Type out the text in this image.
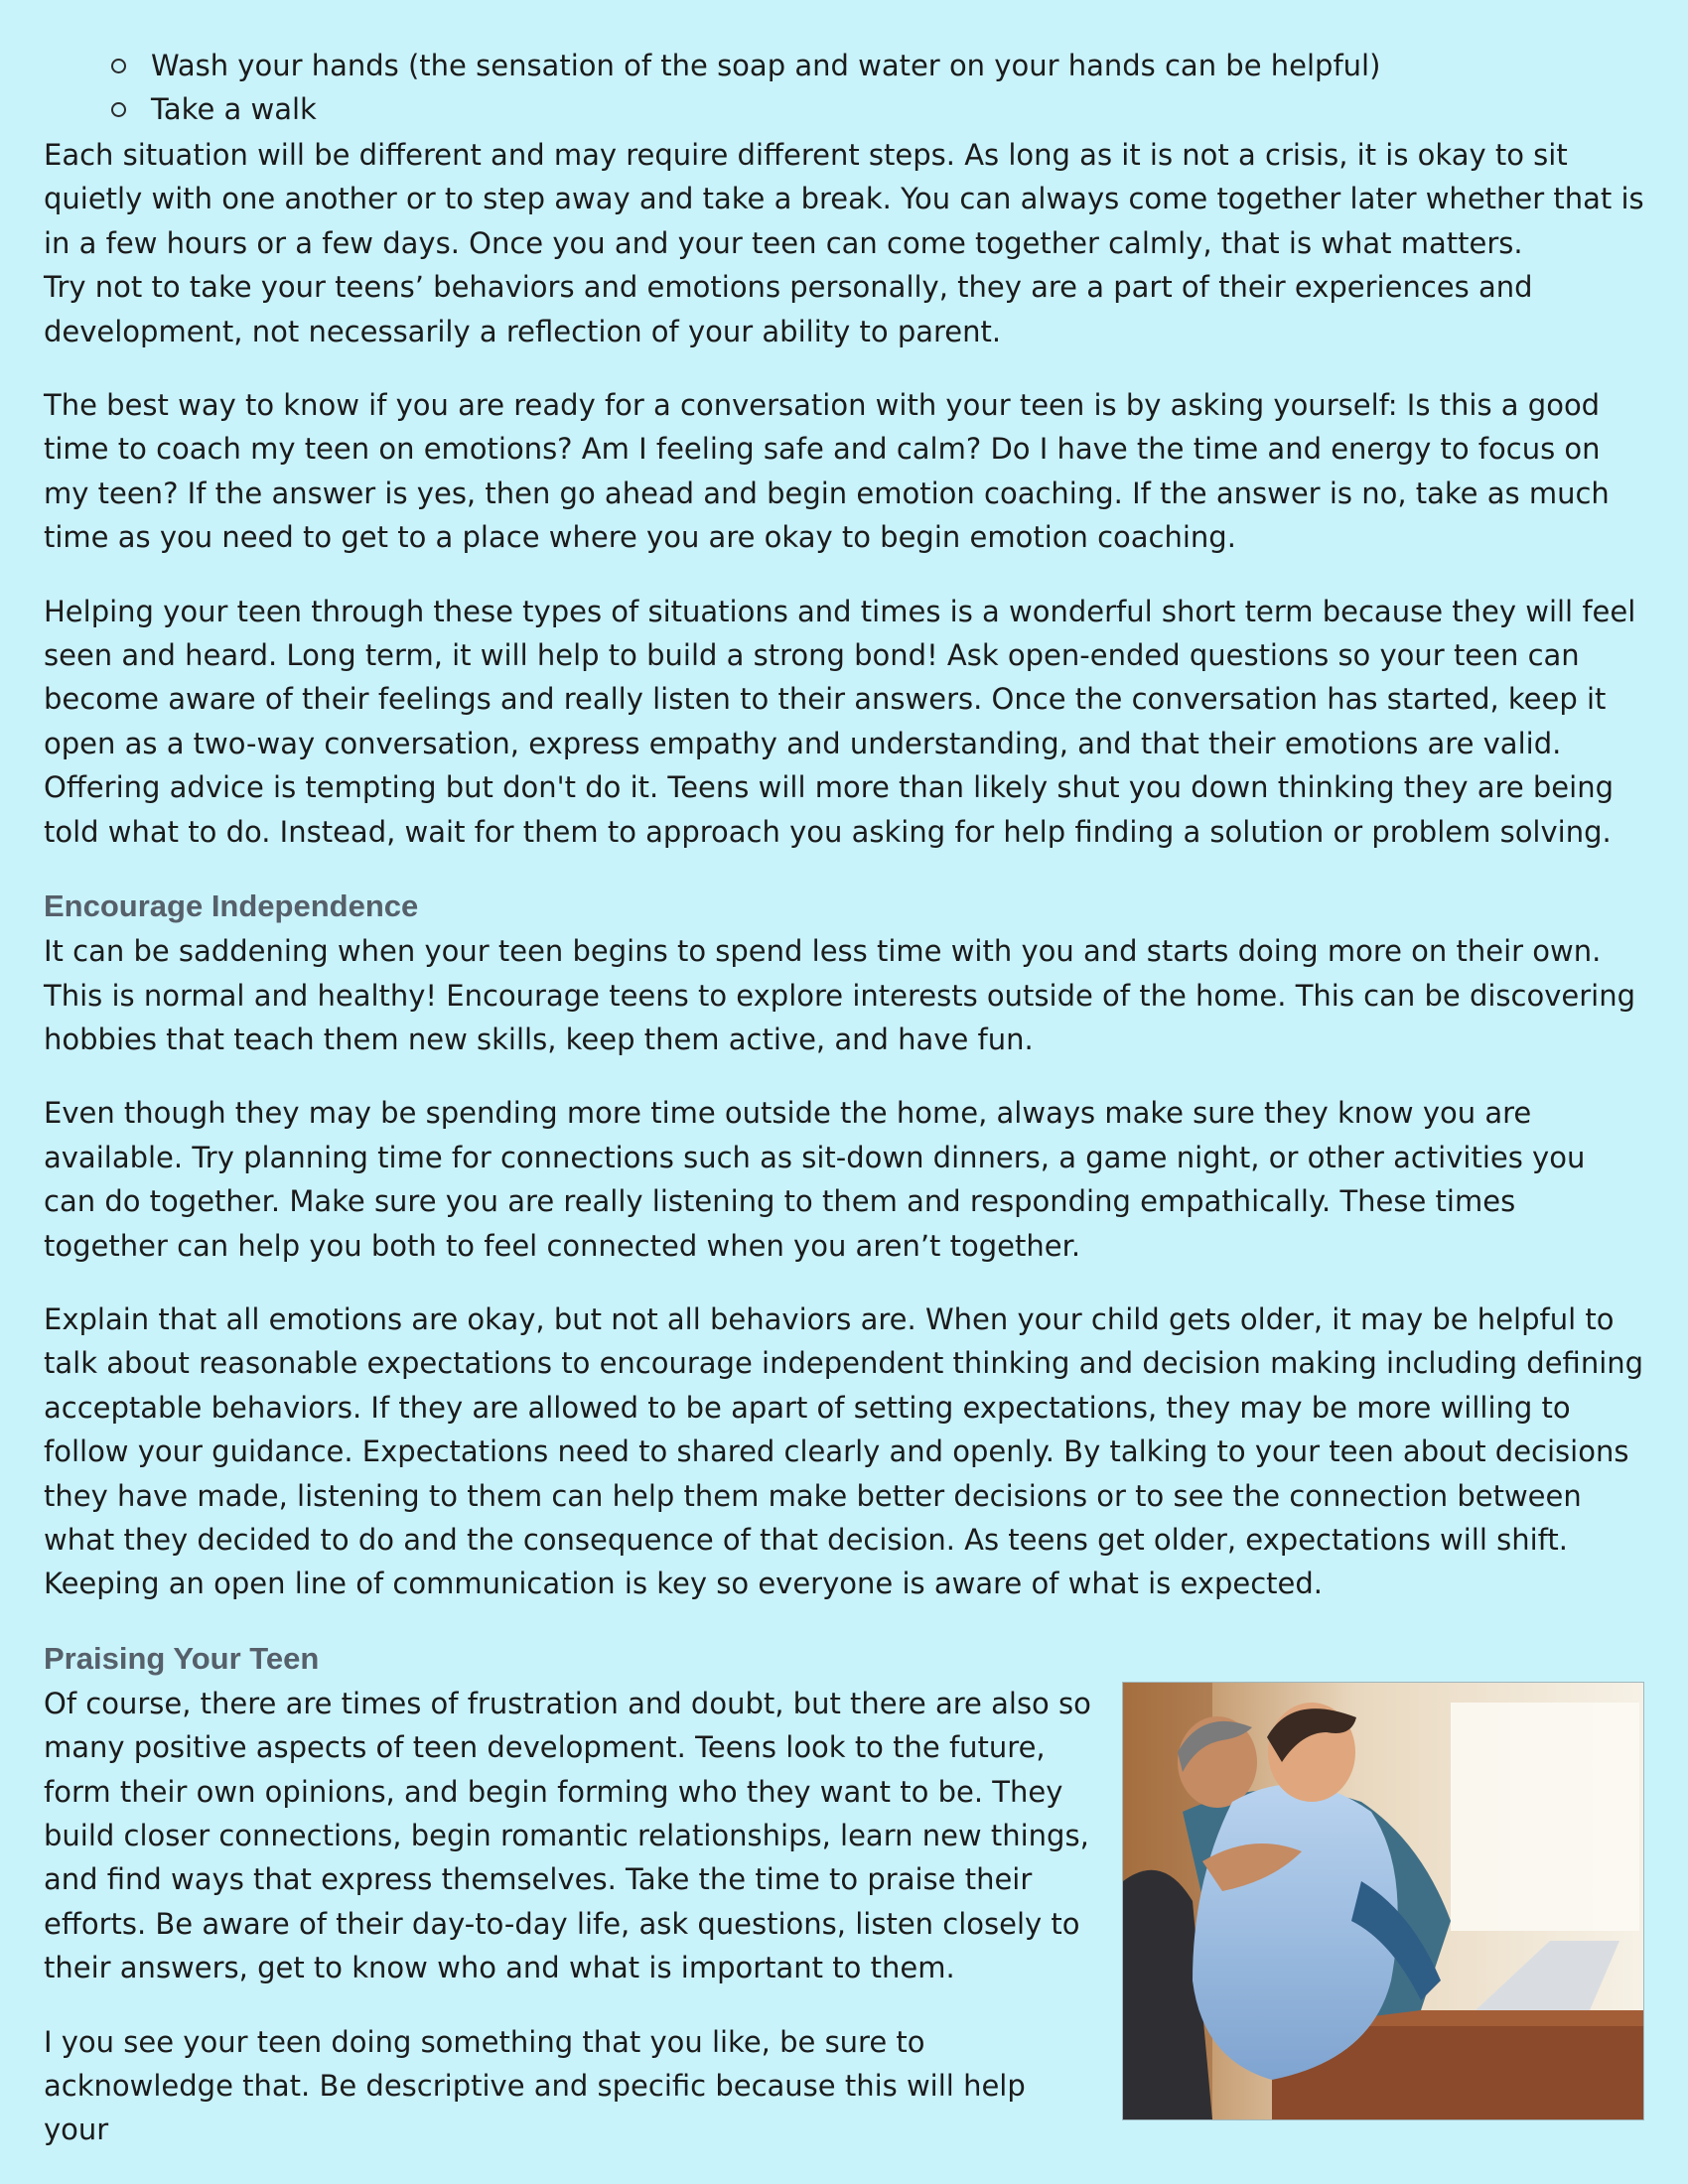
Wash your hands (the sensation of the soap and water on your hands can be helpful)
Take a walk

Each situation will be different and may require different steps. As long as it is not a crisis, it is okay to sit quietly with one another or to step away and take a break. You can always come together later whether that is in a few hours or a few days. Once you and your teen can come together calmly, that is what matters.

Try not to take your teens’ behaviors and emotions personally, they are a part of their experiences and development, not necessarily a reflection of your ability to parent.

The best way to know if you are ready for a conversation with your teen is by asking yourself: Is this a good time to coach my teen on emotions? Am I feeling safe and calm? Do I have the time and energy to focus on my teen? If the answer is yes, then go ahead and begin emotion coaching. If the answer is no, take as much time as you need to get to a place where you are okay to begin emotion coaching.

Helping your teen through these types of situations and times is a wonderful short term because they will feel seen and heard. Long term, it will help to build a strong bond! Ask open-ended questions so your teen can become aware of their feelings and really listen to their answers. Once the conversation has started, keep it open as a two-way conversation, express empathy and understanding, and that their emotions are valid.

Offering advice is tempting but don't do it. Teens will more than likely shut you down thinking they are being told what to do. Instead, wait for them to approach you asking for help finding a solution or problem solving.

Encourage Independence

It can be saddening when your teen begins to spend less time with you and starts doing more on their own. This is normal and healthy! Encourage teens to explore interests outside of the home. This can be discovering hobbies that teach them new skills, keep them active, and have fun.

Even though they may be spending more time outside the home, always make sure they know you are available. Try planning time for connections such as sit-down dinners, a game night, or other activities you can do together. Make sure you are really listening to them and responding empathically. These times together can help you both to feel connected when you aren’t together.

Explain that all emotions are okay, but not all behaviors are. When your child gets older, it may be helpful to talk about reasonable expectations to encourage independent thinking and decision making including defining acceptable behaviors. If they are allowed to be apart of setting expectations, they may be more willing to follow your guidance. Expectations need to shared clearly and openly. By talking to your teen about decisions they have made, listening to them can help them make better decisions or to see the connection between what they decided to do and the consequence of that decision. As teens get older, expectations will shift. Keeping an open line of communication is key so everyone is aware of what is expected.

Praising Your Teen

Of course, there are times of frustration and doubt, but there are also so many positive aspects of teen development. Teens look to the future, form their own opinions, and begin forming who they want to be. They build closer connections, begin romantic relationships, learn new things, and find ways that express themselves. Take the time to praise their efforts. Be aware of their day-to-day life, ask questions, listen closely to their answers, get to know who and what is important to them.

I you see your teen doing something that you like, be sure to acknowledge that. Be descriptive and specific because this will help your
